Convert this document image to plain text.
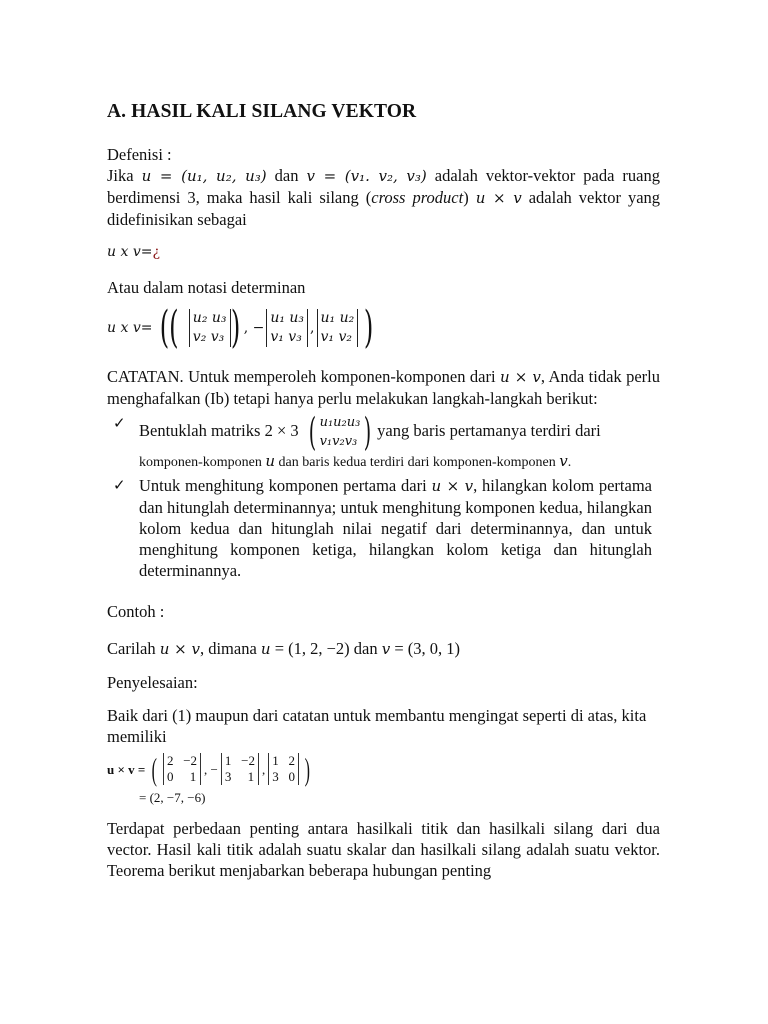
A. HASIL KALI SILANG VEKTOR

Defenisi :

Jika u = (u₁, u₂, u₃) dan v = (v₁. v₂, v₃) adalah vektor-vektor pada ruang berdimensi 3, maka hasil kali silang (cross product) u × v adalah vektor yang didefinisikan sebagai

u x v= ¿

Atau dalam notasi determinan

u x v= (( u₂ u₃
v₂ v₃ ) , −
u₁ u₃
v₁ v₃
,
u₁ u₂
v₁ v₂ )

CATATAN. Untuk memperoleh komponen-komponen dari u × v, Anda tidak perlu menghafalkan (Ib) tetapi hanya perlu melakukan langkah-langkah berikut:

✓ Bentuklah matriks 2 × 3 ( u₁u₂u₃
v₁v₂v₃ ) yang baris pertamanya terdiri dari
komponen-komponen u dan baris kedua terdiri dari komponen-komponen v.
✓ Untuk menghitung komponen pertama dari u × v, hilangkan kolom pertama dan hitunglah determinannya; untuk menghitung komponen kedua, hilangkan kolom kedua dan hitunglah nilai negatif dari determinannya, dan untuk menghitung komponen ketiga, hilangkan kolom ketiga dan hitunglah determinannya.

Contoh :

Carilah u × v, dimana u = (1, 2, −2) dan v = (3, 0, 1)

Penyelesaian:

Baik dari (1) maupun dari catatan untuk membantu mengingat seperti di atas, kita memiliki

u × v = ( 2   −2
0     1 , −
1   −2
3     1 ,
1   2
3   0 )
= (2, −7, −6)

Terdapat perbedaan penting antara hasilkali titik dan hasilkali silang dari dua vector. Hasil kali titik adalah suatu skalar dan hasilkali silang adalah suatu vektor. Teorema berikut menjabarkan beberapa hubungan penting
